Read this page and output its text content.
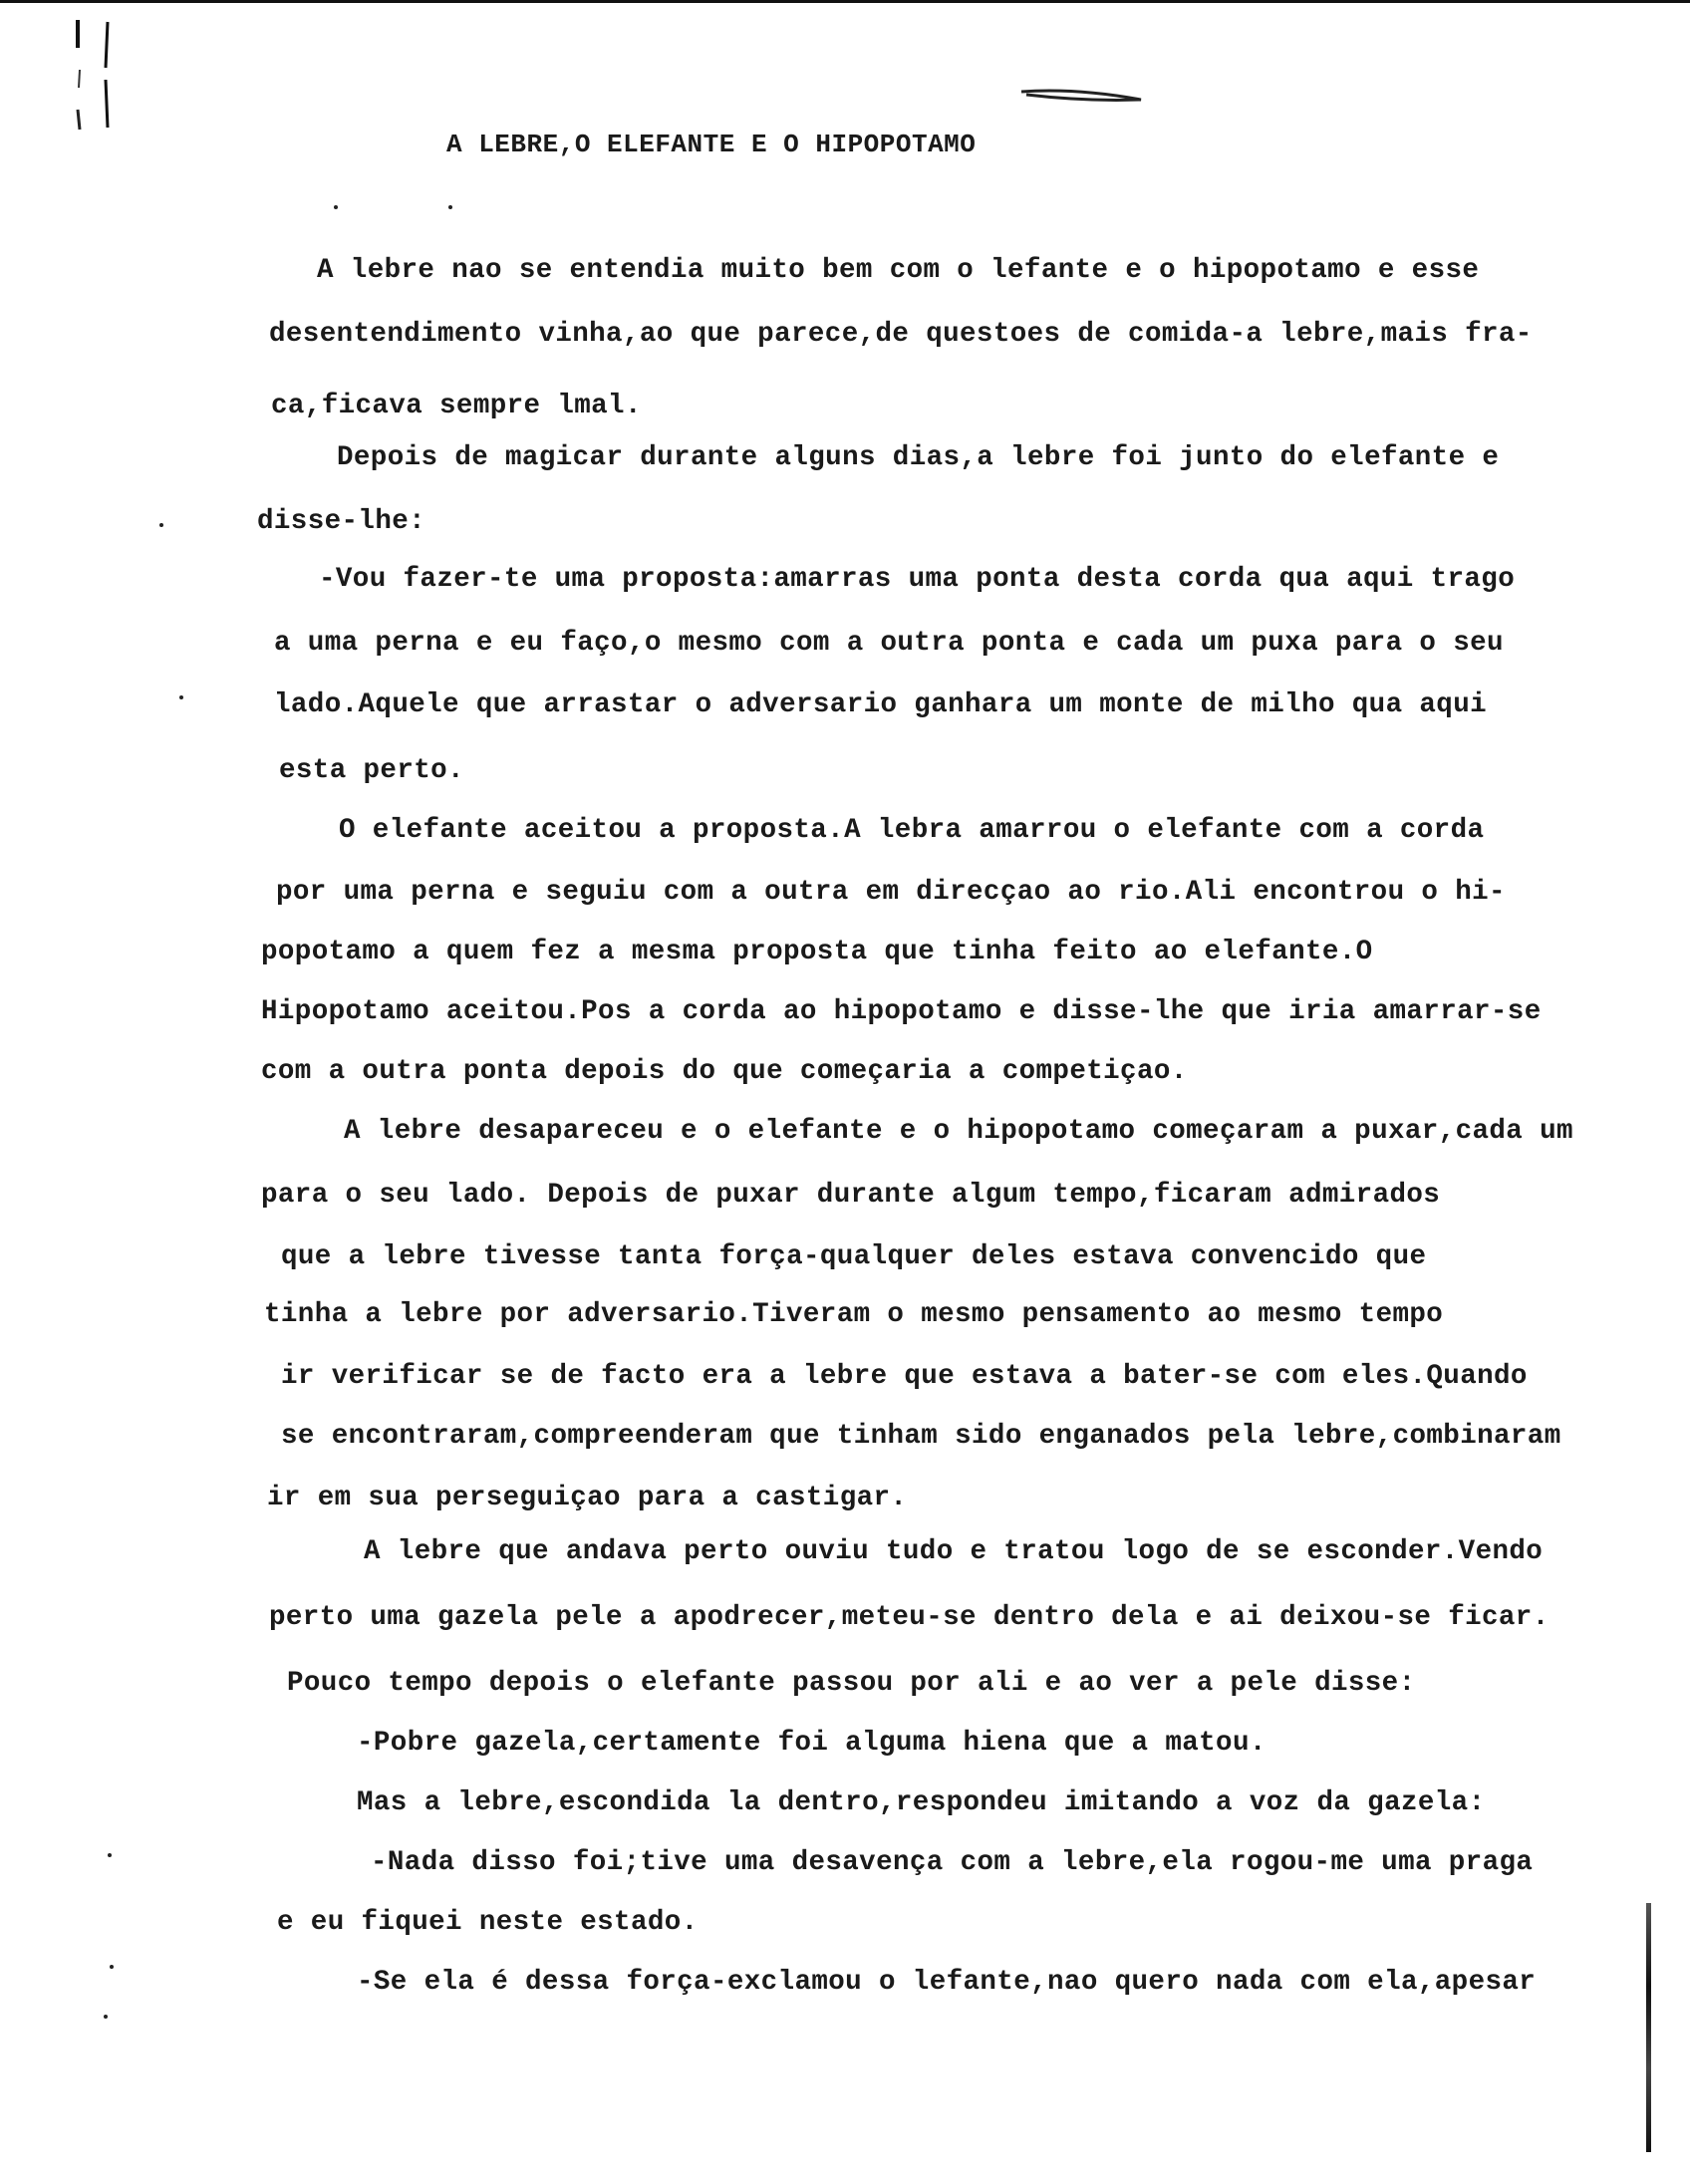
A LEBRE,O ELEFANTE E O HIPOPOTAMO
A lebre nao se entendia muito bem com o lefante e o hipopotamo e esse
desentendimento vinha,ao que parece,de questoes de comida-a lebre,mais fra-
ca,ficava sempre lmal.
Depois de magicar durante alguns dias,a lebre foi junto do elefante e
disse-lhe:
-Vou fazer-te uma proposta:amarras uma ponta desta corda qua aqui trago
a uma perna e eu faço,o mesmo com a outra ponta e cada um puxa para o seu
lado.Aquele que arrastar o adversario ganhara um monte de milho qua aqui
esta perto.
O elefante aceitou a proposta.A lebra amarrou o elefante com a corda
por uma perna e seguiu com a outra em direcçao ao rio.Ali encontrou o hi-
popotamo a quem fez a mesma proposta que tinha feito ao elefante.O
Hipopotamo aceitou.Pos a corda ao hipopotamo e disse-lhe que iria amarrar-se
com a outra ponta depois do que começaria a competiçao.
A lebre desapareceu e o elefante e o hipopotamo começaram a puxar,cada um
para o seu lado. Depois de puxar durante algum tempo,ficaram admirados
que a lebre tivesse tanta força-qualquer deles estava convencido que
tinha a lebre por adversario.Tiveram o mesmo pensamento ao mesmo tempo
ir verificar se de facto era a lebre que estava a bater-se com eles.Quando
se encontraram,compreenderam que tinham sido enganados pela lebre,combinaram
ir em sua perseguiçao para a castigar.
A lebre que andava perto ouviu tudo e tratou logo de se esconder.Vendo
perto uma gazela pele a apodrecer,meteu-se dentro dela e ai deixou-se ficar.
Pouco tempo depois o elefante passou por ali e ao ver a pele disse:
-Pobre gazela,certamente foi alguma hiena que a matou.
Mas a lebre,escondida la dentro,respondeu imitando a voz da gazela:
-Nada disso foi;tive uma desavença com a lebre,ela rogou-me uma praga
e eu fiquei neste estado.
-Se ela é dessa força-exclamou o lefante,nao quero nada com ela,apesar
